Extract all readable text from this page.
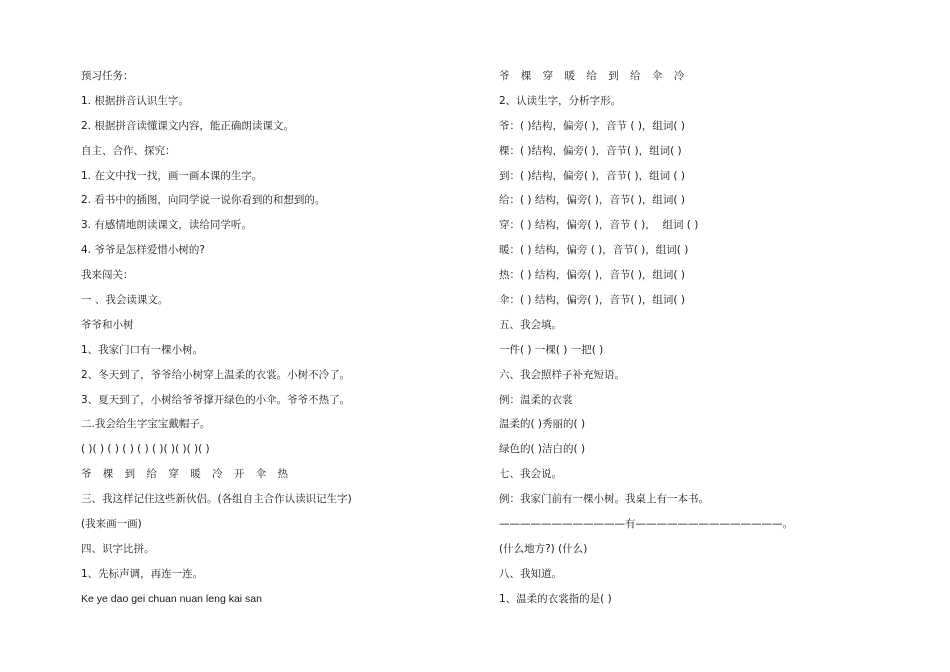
预习任务：
1. 根据拼音认识生字。
2. 根据拼音读懂课文内容，能正确朗读课文。
自主、合作、探究：
1. 在文中找一找，画一画本课的生字。
2. 看书中的插图，向同学说一说你看到的和想到的。
3. 有感情地朗读课文，读给同学听。
4. 爷爷是怎样爱惜小树的?
我来闯关：
一 、我会读课文。
爷爷和小树
1、我家门口有一棵小树。
2、冬天到了，爷爷给小树穿上温柔的衣裳。小树不冷了。
3、夏天到了，小树给爷爷撑开绿色的小伞。爷爷不热了。
二.我会给生字宝宝戴帽子。
( )( ) ( ) ( ) ( ) ( )( )( )( )( )
爷 棵 到 给 穿 暖 冷 开 伞 热
三、我这样记住这些新伙侣。(各组自主合作认读识记生字)
(我来画一画)
四、识字比拼。
1、先标声调，再连一连。
Ke ye dao gei chuan nuan leng kai san
爷 棵 穿 暖 给 到 给 伞 冷
2、认读生字，分析字形。
爷：( )结构，偏旁( )，音节 ( )，组词( )
棵：( )结构，偏旁( )，音节( )，组词( )
到：( )结构，偏旁( )，音节( )，组词 ( )
给：( ) 结构，偏旁( )，音节( )，组词( )
穿：( ) 结构，偏旁( )，音节 ( )，  组词 ( )
暖：( ) 结构，偏旁 ( )，音节( )，组词( )
热：( ) 结构，偏旁( )，音节( )，组词( )
伞：( ) 结构，偏旁( )，音节( )，组词( )
五、我会填。
一件( ) 一棵( ) 一把( )
六、我会照样子补充短语。
例：温柔的衣裳
温柔的( )秀丽的( )
绿色的( )洁白的( )
七、我会说。
例：我家门前有一棵小树。我桌上有一本书。
————————————有——————————————。
(什么地方?) (什么)
八、我知道。
1、温柔的衣裳指的是( )
